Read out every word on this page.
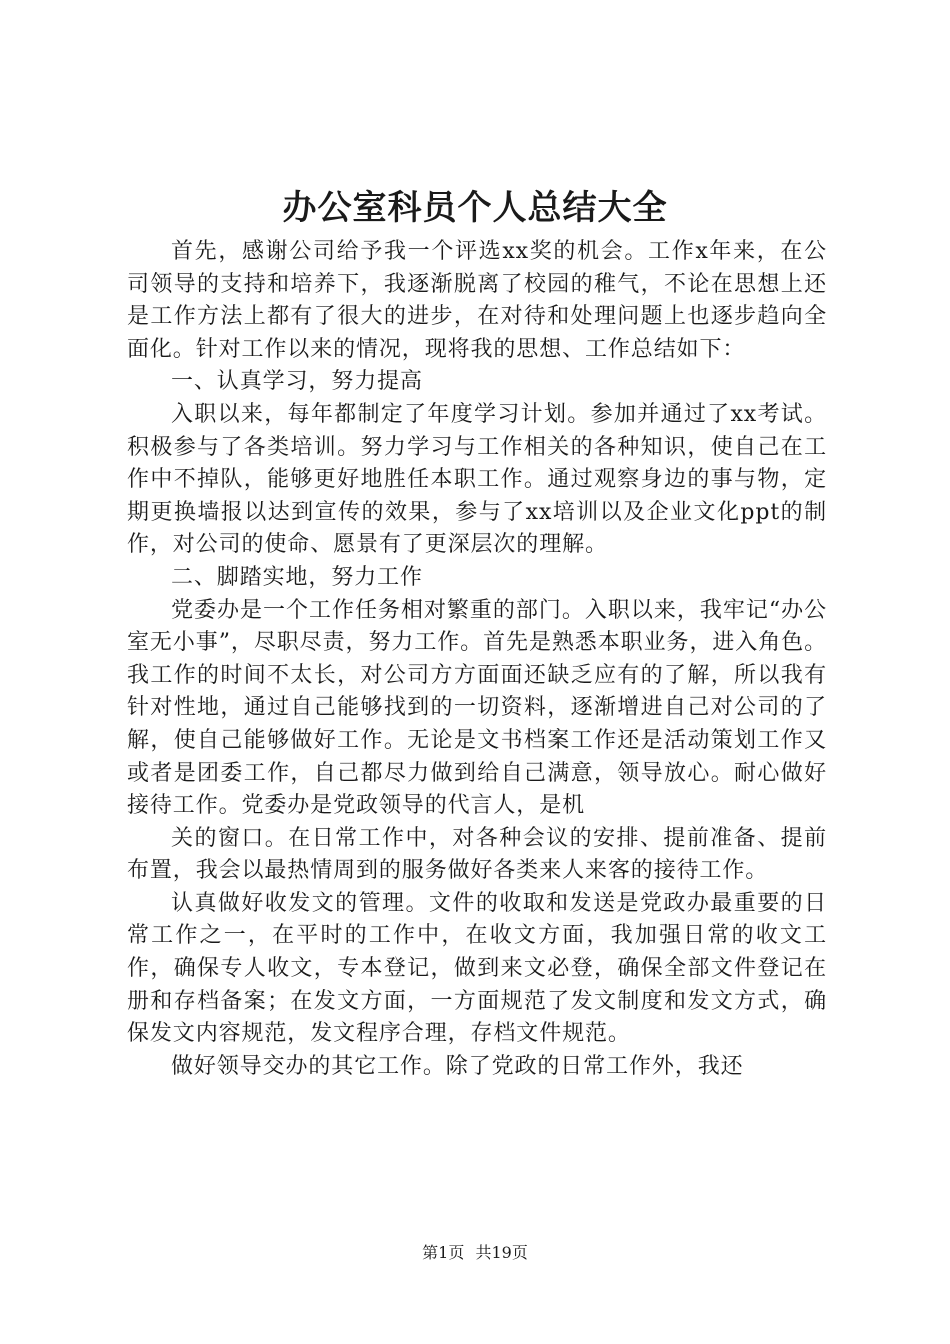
办公室科员个人总结大全

首先，感谢公司给予我一个评选xx奖的机会。工作x年来，在公司领导的支持和培养下，我逐渐脱离了校园的稚气，不论在思想上还是工作方法上都有了很大的进步，在对待和处理问题上也逐步趋向全面化。针对工作以来的情况，现将我的思想、工作总结如下：

一、认真学习，努力提高

入职以来，每年都制定了年度学习计划。参加并通过了xx考试。积极参与了各类培训。努力学习与工作相关的各种知识，使自己在工作中不掉队，能够更好地胜任本职工作。通过观察身边的事与物，定期更换墙报以达到宣传的效果，参与了xx培训以及企业文化ppt的制作，对公司的使命、愿景有了更深层次的理解。

二、脚踏实地，努力工作

党委办是一个工作任务相对繁重的部门。入职以来，我牢记“办公室无小事”，尽职尽责，努力工作。首先是熟悉本职业务，进入角色。我工作的时间不太长，对公司方方面面还缺乏应有的了解，所以我有针对性地，通过自己能够找到的一切资料，逐渐增进自己对公司的了解，使自己能够做好工作。无论是文书档案工作还是活动策划工作又或者是团委工作，自己都尽力做到给自己满意，领导放心。耐心做好接待工作。党委办是党政领导的代言人，是机

关的窗口。在日常工作中，对各种会议的安排、提前准备、提前布置，我会以最热情周到的服务做好各类来人来客的接待工作。

认真做好收发文的管理。文件的收取和发送是党政办最重要的日常工作之一，在平时的工作中，在收文方面，我加强日常的收文工作，确保专人收文，专本登记，做到来文必登，确保全部文件登记在册和存档备案；在发文方面，一方面规范了发文制度和发文方式，确保发文内容规范，发文程序合理，存档文件规范。

做好领导交办的其它工作。除了党政的日常工作外，我还

第1页 共19页
